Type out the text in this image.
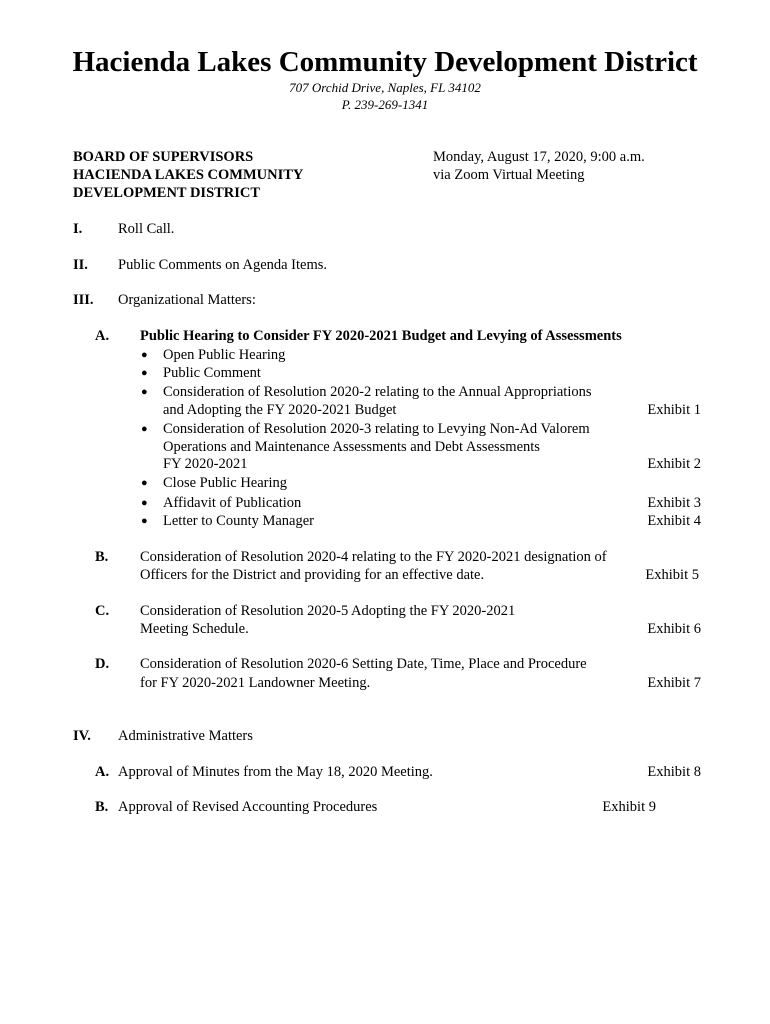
Hacienda Lakes Community Development District
707 Orchid Drive, Naples, FL 34102
P. 239-269-1341
BOARD OF SUPERVISORS
HACIENDA LAKES COMMUNITY
DEVELOPMENT DISTRICT
Monday, August 17, 2020, 9:00 a.m.
via Zoom Virtual Meeting
I. Roll Call.
II. Public Comments on Agenda Items.
III. Organizational Matters:
A. Public Hearing to Consider FY 2020-2021 Budget and Levying of Assessments
● Open Public Hearing
● Public Comment
● Consideration of Resolution 2020-2 relating to the Annual Appropriations
and Adopting the FY 2020-2021 Budget	Exhibit 1
● Consideration of Resolution 2020-3 relating to Levying Non-Ad Valorem
Operations and Maintenance Assessments and Debt Assessments
FY 2020-2021	Exhibit 2
● Close Public Hearing
● Affidavit of Publication	Exhibit 3
● Letter to County Manager	Exhibit 4
B. Consideration of Resolution 2020-4 relating to the FY 2020-2021 designation of
Officers for the District and providing for an effective date.	Exhibit 5
C. Consideration of Resolution 2020-5 Adopting the FY 2020-2021
Meeting Schedule.	Exhibit 6
D. Consideration of Resolution 2020-6 Setting Date, Time, Place and Procedure
for FY 2020-2021 Landowner Meeting.	Exhibit 7
IV. Administrative Matters
A. Approval of Minutes from the May 18, 2020 Meeting.	Exhibit 8
B. Approval of Revised Accounting Procedures	Exhibit 9
